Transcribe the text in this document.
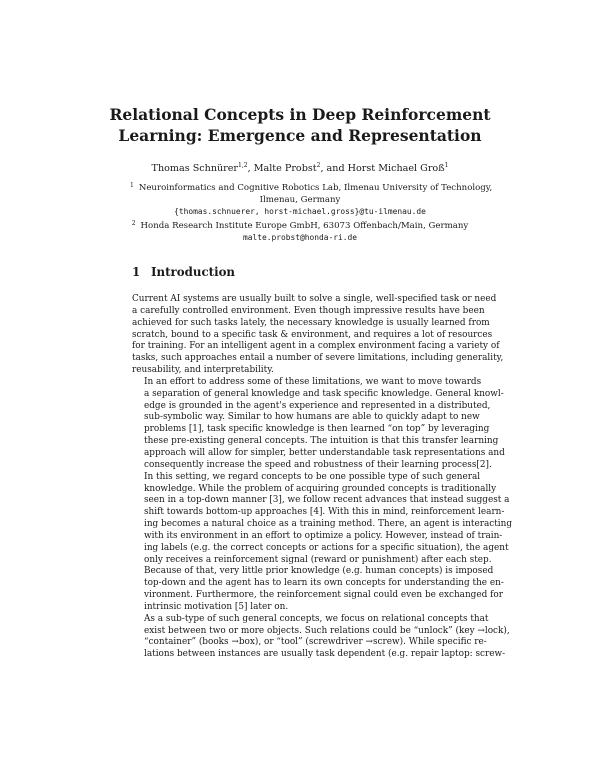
Relational Concepts in Deep Reinforcement
Learning: Emergence and Representation
Thomas Schnürer$^{1,2}$, Malte Probst$^2$, and Horst Michael Groß$^1$
$^1$ Neuroinformatics and Cognitive Robotics Lab, Ilmenau University of Technology,
Ilmenau, Germany
{thomas.schnuerer, horst-michael.gross}@tu-ilmenau.de
$^2$ Honda Research Institute Europe GmbH, 63073 Offenbach/Main, Germany
malte.probst@honda-ri.de
1 Introduction

Current AI systems are usually built to solve a single, well-specified task or need
a carefully controlled environment. Even though impressive results have been
achieved for such tasks lately, the necessary knowledge is usually learned from
scratch, bound to a specific task & environment, and requires a lot of resources
for training. For an intelligent agent in a complex environment facing a variety of
tasks, such approaches entail a number of severe limitations, including generality,
reusability, and interpretability.

In an effort to address some of these limitations, we want to move towards
a separation of general knowledge and task specific knowledge. General knowl-
edge is grounded in the agent's experience and represented in a distributed,
sub-symbolic way. Similar to how humans are able to quickly adapt to new
problems [1], task specific knowledge is then learned “on top” by leveraging
these pre-existing general concepts. The intuition is that this transfer learning
approach will allow for simpler, better understandable task representations and
consequently increase the speed and robustness of their learning process[2].

In this setting, we regard concepts to be one possible type of such general
knowledge. While the problem of acquiring grounded concepts is traditionally
seen in a top-down manner [3], we follow recent advances that instead suggest a
shift towards bottom-up approaches [4]. With this in mind, reinforcement learn-
ing becomes a natural choice as a training method. There, an agent is interacting
with its environment in an effort to optimize a policy. However, instead of train-
ing labels (e.g. the correct concepts or actions for a specific situation), the agent
only receives a reinforcement signal (reward or punishment) after each step.
Because of that, very little prior knowledge (e.g. human concepts) is imposed
top-down and the agent has to learn its own concepts for understanding the en-
vironment. Furthermore, the reinforcement signal could even be exchanged for
intrinsic motivation [5] later on.

As a sub-type of such general concepts, we focus on relational concepts that
exist between two or more objects. Such relations could be “unlock” (key →lock),
“container” (books →box), or “tool” (screwdriver →screw). While specific re-
lations between instances are usually task dependent (e.g. repair laptop: screw-
